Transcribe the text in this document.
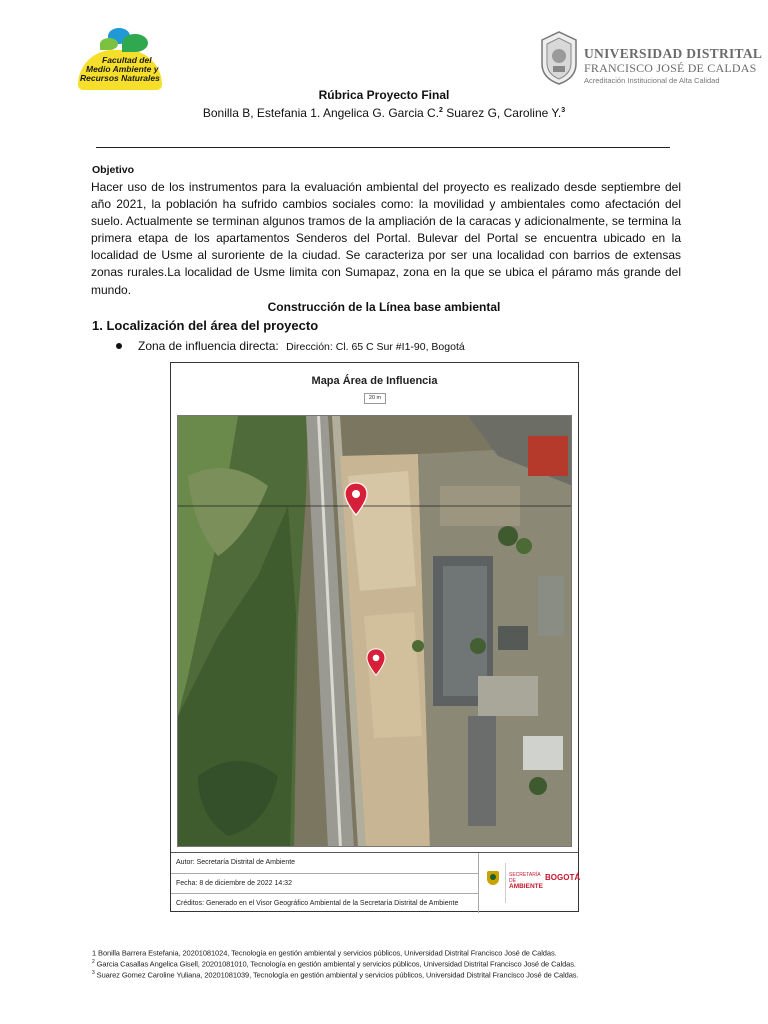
Facultad del
Medio Ambiente y
Recursos Naturales
UNIVERSIDAD DISTRITAL
FRANCISCO JOSÉ DE CALDAS
Acreditación Institucional de Alta Calidad
Rúbrica Proyecto Final
Bonilla B, Estefania 1. Angelica G. Garcia C.$^2$ Suarez G, Caroline Y.$^3$
Objetivo
Hacer uso de los instrumentos para la evaluación ambiental del proyecto es realizado desde septiembre del año 2021, la población ha sufrido cambios sociales como: la movilidad y ambientales como afectación del suelo. Actualmente se terminan algunos tramos de la ampliación de la caracas y adicionalmente, se termina la primera etapa de los apartamentos Senderos del Portal. Bulevar del Portal se encuentra ubicado en la localidad de Usme al suroriente de la ciudad. Se caracteriza por ser una localidad con barrios de extensas zonas rurales.La localidad de Usme limita con Sumapaz, zona en la que se ubica el páramo más grande del mundo.
Construcción de la Línea base ambiental
1. Localización del área del proyecto
Zona de influencia directa: Dirección: Cl. 65 C Sur #I1-90, Bogotá
Mapa Área de Influencia
20 m
Autor: Secretaría Distrital de Ambiente
Fecha: 8 de diciembre de 2022 14:32
Créditos: Generado en el Visor Geográfico Ambiental de la Secretaría Distrital de Ambiente
SECRETARÍA DE
AMBIENTE
BOGOTÁ
1 Bonilla Barrera Estefania, 20201081024, Tecnología en gestión ambiental y servicios públicos, Universidad Distrital Francisco José de Caldas.
$^2$ Garcia Casallas Angelica Gisell, 20201081010, Tecnología en gestión ambiental y servicios públicos, Universidad Distrital Francisco José de Caldas.
$^3$ Suarez Gomez Caroline Yuliana, 20201081039, Tecnología en gestión ambiental y servicios públicos, Universidad Distrital Francisco José de Caldas.
